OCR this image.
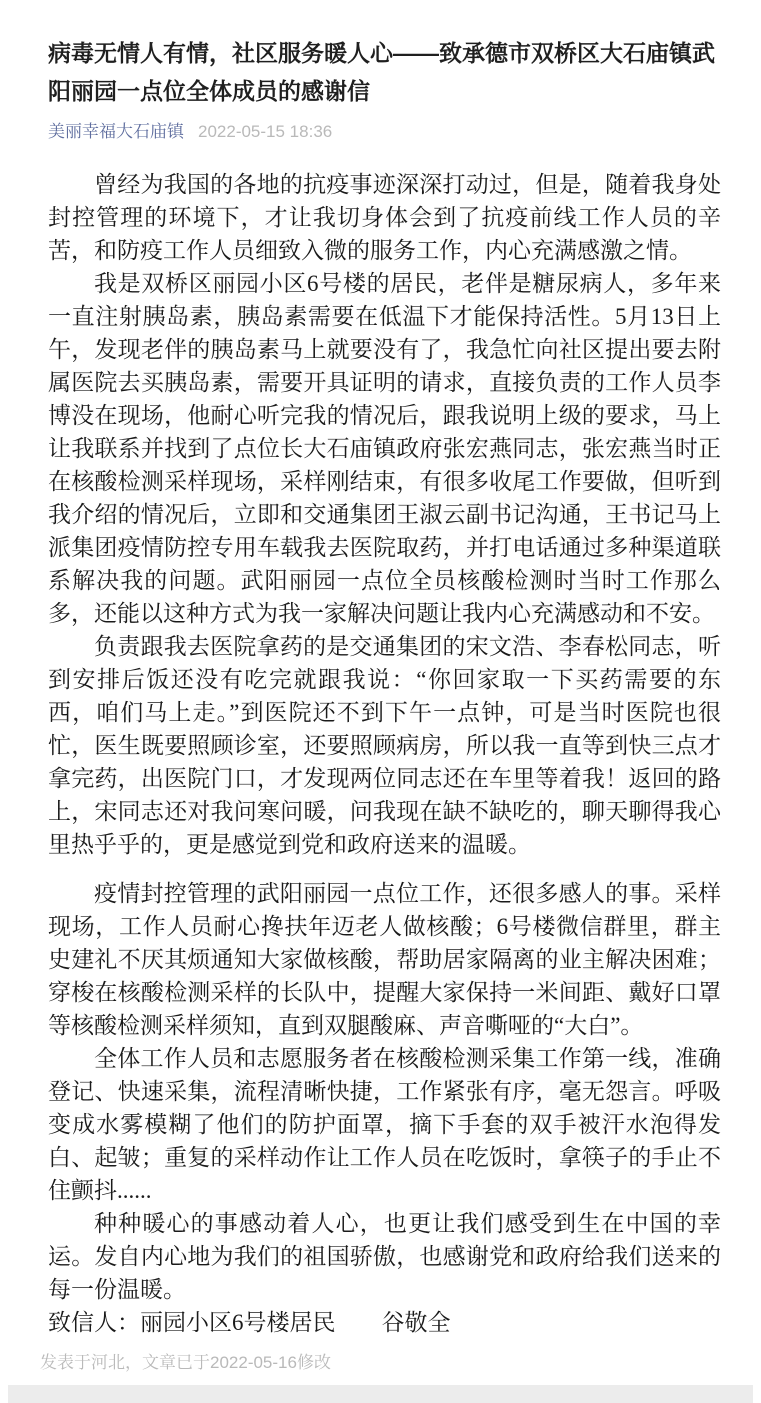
病毒无情人有情，社区服务暖人心——致承德市双桥区大石庙镇武阳丽园一点位全体成员的感谢信
美丽幸福大石庙镇 2022-05-15 18:36

曾经为我国的各地的抗疫事迹深深打动过，但是，随着我身处封控管理的环境下，才让我切身体会到了抗疫前线工作人员的辛苦，和防疫工作人员细致入微的服务工作，内心充满感激之情。

我是双桥区丽园小区6号楼的居民，老伴是糖尿病人，多年来一直注射胰岛素，胰岛素需要在低温下才能保持活性。5月13日上午，发现老伴的胰岛素马上就要没有了，我急忙向社区提出要去附属医院去买胰岛素，需要开具证明的请求，直接负责的工作人员李博没在现场，他耐心听完我的情况后，跟我说明上级的要求，马上让我联系并找到了点位长大石庙镇政府张宏燕同志，张宏燕当时正在核酸检测采样现场，采样刚结束，有很多收尾工作要做，但听到我介绍的情况后，立即和交通集团王淑云副书记沟通，王书记马上派集团疫情防控专用车载我去医院取药，并打电话通过多种渠道联系解决我的问题。武阳丽园一点位全员核酸检测时当时工作那么多，还能以这种方式为我一家解决问题让我内心充满感动和不安。

负责跟我去医院拿药的是交通集团的宋文浩、李春松同志，听到安排后饭还没有吃完就跟我说：“你回家取一下买药需要的东西，咱们马上走。”到医院还不到下午一点钟，可是当时医院也很忙，医生既要照顾诊室，还要照顾病房，所以我一直等到快三点才拿完药，出医院门口，才发现两位同志还在车里等着我！返回的路上，宋同志还对我问寒问暖，问我现在缺不缺吃的，聊天聊得我心里热乎乎的，更是感觉到党和政府送来的温暖。

疫情封控管理的武阳丽园一点位工作，还很多感人的事。采样现场，工作人员耐心搀扶年迈老人做核酸；6号楼微信群里，群主史建礼不厌其烦通知大家做核酸，帮助居家隔离的业主解决困难；穿梭在核酸检测采样的长队中，提醒大家保持一米间距、戴好口罩等核酸检测采样须知，直到双腿酸麻、声音嘶哑的“大白”。

全体工作人员和志愿服务者在核酸检测采集工作第一线，准确登记、快速采集，流程清晰快捷，工作紧张有序，毫无怨言。呼吸变成水雾模糊了他们的防护面罩，摘下手套的双手被汗水泡得发白、起皱；重复的采样动作让工作人员在吃饭时，拿筷子的手止不住颤抖......

种种暖心的事感动着人心，也更让我们感受到生在中国的幸运。发自内心地为我们的祖国骄傲，也感谢党和政府给我们送来的每一份温暖。

致信人：丽园小区6号楼居民　　谷敬全

发表于河北，文章已于2022-05-16修改
